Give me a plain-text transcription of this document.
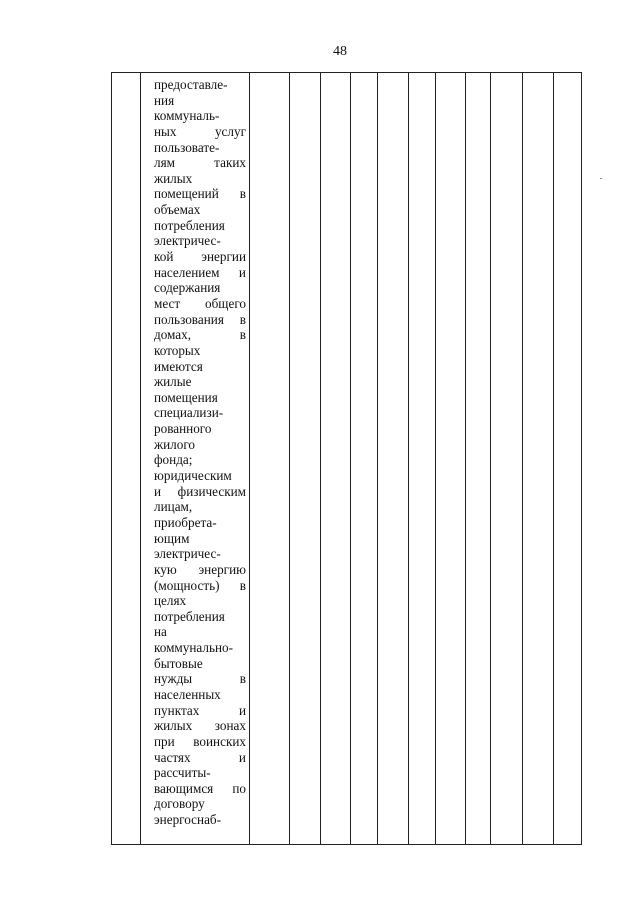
48
предоставле-
ния
коммуналь-
ных услуг
пользовате-
лям таких
жилых
помещений в
объемах
потребления
электричес-
кой энергии
населением и
содержания
мест общего
пользования в
домах, в
которых
имеются
жилые
помещения
специализи-
рованного
жилого
фонда;
юридическим
и физическим
лицам,
приобрета-
ющим
электричес-
кую энергию
(мощность) в
целях
потребления
на
коммунально-
бытовые
нужды в
населенных
пунктах и
жилых зонах
при воинских
частях и
рассчиты-
вающимся по
договору
энергоснаб-
